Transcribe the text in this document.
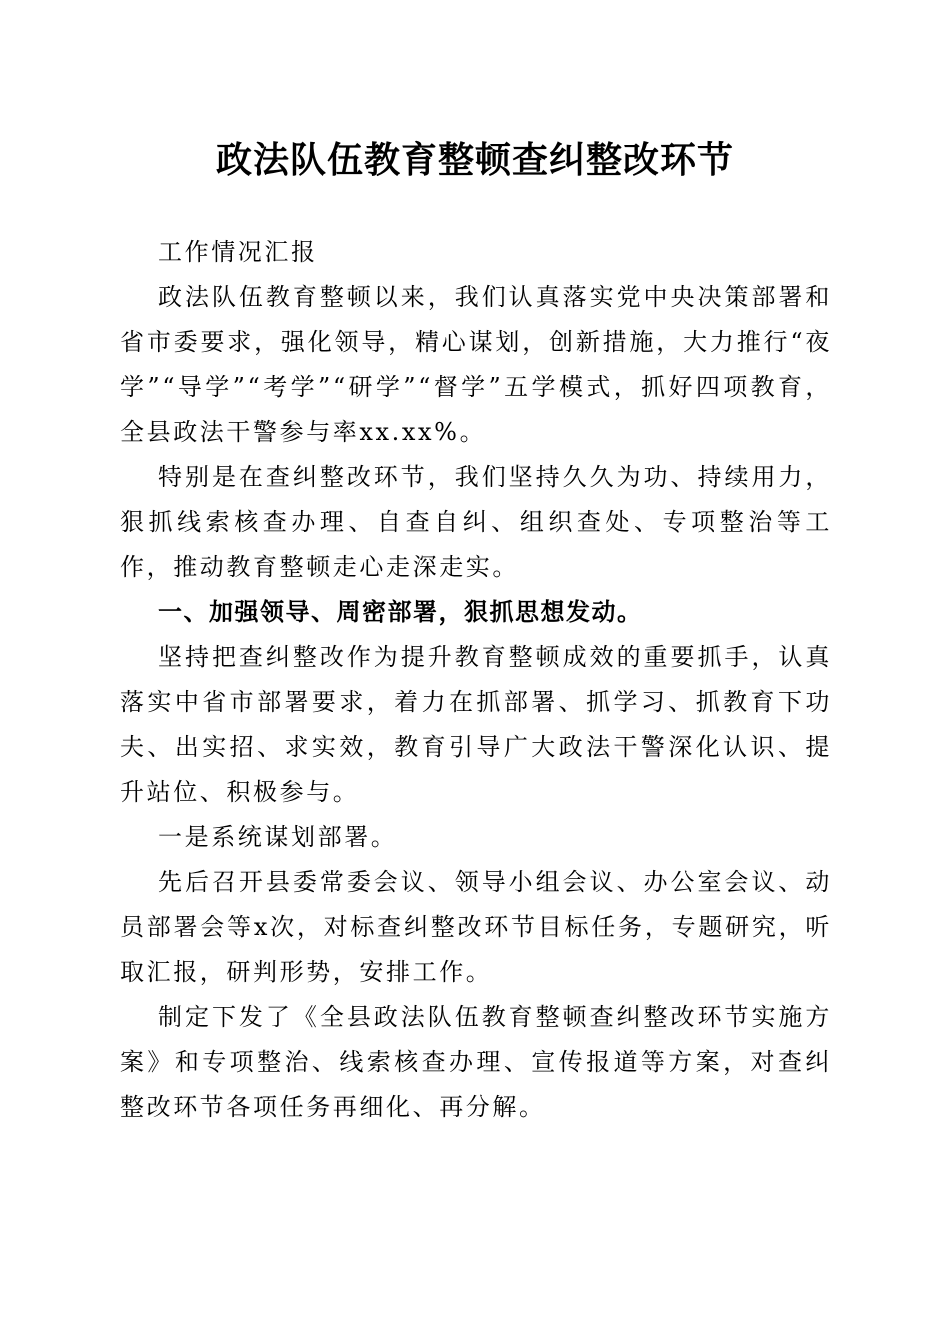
政法队伍教育整顿查纠整改环节

工作情况汇报

政法队伍教育整顿以来，我们认真落实党中央决策部署和省市委要求，强化领导，精心谋划，创新措施，大力推行“夜学”“导学”“考学”“研学”“督学”五学模式，抓好四项教育，全县政法干警参与率xx.xx%。

特别是在查纠整改环节，我们坚持久久为功、持续用力，狠抓线索核查办理、自查自纠、组织查处、专项整治等工作，推动教育整顿走心走深走实。

一、加强领导、周密部署，狠抓思想发动。

坚持把查纠整改作为提升教育整顿成效的重要抓手，认真落实中省市部署要求，着力在抓部署、抓学习、抓教育下功夫、出实招、求实效，教育引导广大政法干警深化认识、提升站位、积极参与。

一是系统谋划部署。

先后召开县委常委会议、领导小组会议、办公室会议、动员部署会等x次，对标查纠整改环节目标任务，专题研究，听取汇报，研判形势，安排工作。

制定下发了《全县政法队伍教育整顿查纠整改环节实施方案》和专项整治、线索核查办理、宣传报道等方案，对查纠整改环节各项任务再细化、再分解。
